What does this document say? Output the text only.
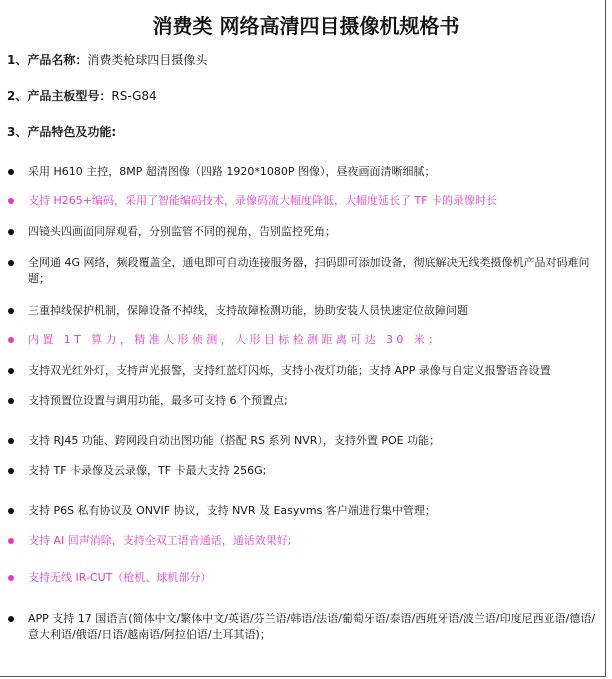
消费类 网络高清四目摄像机规格书
1、产品名称：消费类枪球四目摄像头
2、产品主板型号：RS-G84
3、产品特色及功能:
采用 H610 主控，8MP 超清图像（四路 1920*1080P 图像），昼夜画面清晰细腻；
支持 H265+编码，采用了智能编码技术，录像码流大幅度降低，大幅度延长了 TF 卡的录像时长
四镜头四画面同屏观看，分别监管不同的视角，告别监控死角；
全网通 4G 网络，频段覆盖全，通电即可自动连接服务器，扫码即可添加设备，彻底解决无线类摄像机产品对码难问题；
三重掉线保护机制，保障设备不掉线，支持故障检测功能，协助安装人员快速定位故障问题
内置 1T 算力，精准人形侦测，人形目标检测距离可达 30 米；
支持双光红外灯，支持声光报警，支持红蓝灯闪烁，支持小夜灯功能；支持 APP 录像与自定义报警语音设置
支持预置位设置与调用功能，最多可支持 6 个预置点;
支持 RJ45 功能、跨网段自动出图功能（搭配 RS 系列 NVR），支持外置 POE 功能；
支持 TF 卡录像及云录像，TF 卡最大支持 256G;
支持 P6S 私有协议及 ONVIF 协议，支持 NVR 及 Easyvms 客户端进行集中管理；
支持 AI 回声消除，支持全双工语音通话，通话效果好;
支持无线 IR-CUT（枪机、球机部分）
APP 支持 17 国语言(简体中文/繁体中文/英语/芬兰语/韩语/法语/葡萄牙语/泰语/西班牙语/波兰语/印度尼西亚语/德语/意大利语/俄语/日语/越南语/阿拉伯语/土耳其语)；
